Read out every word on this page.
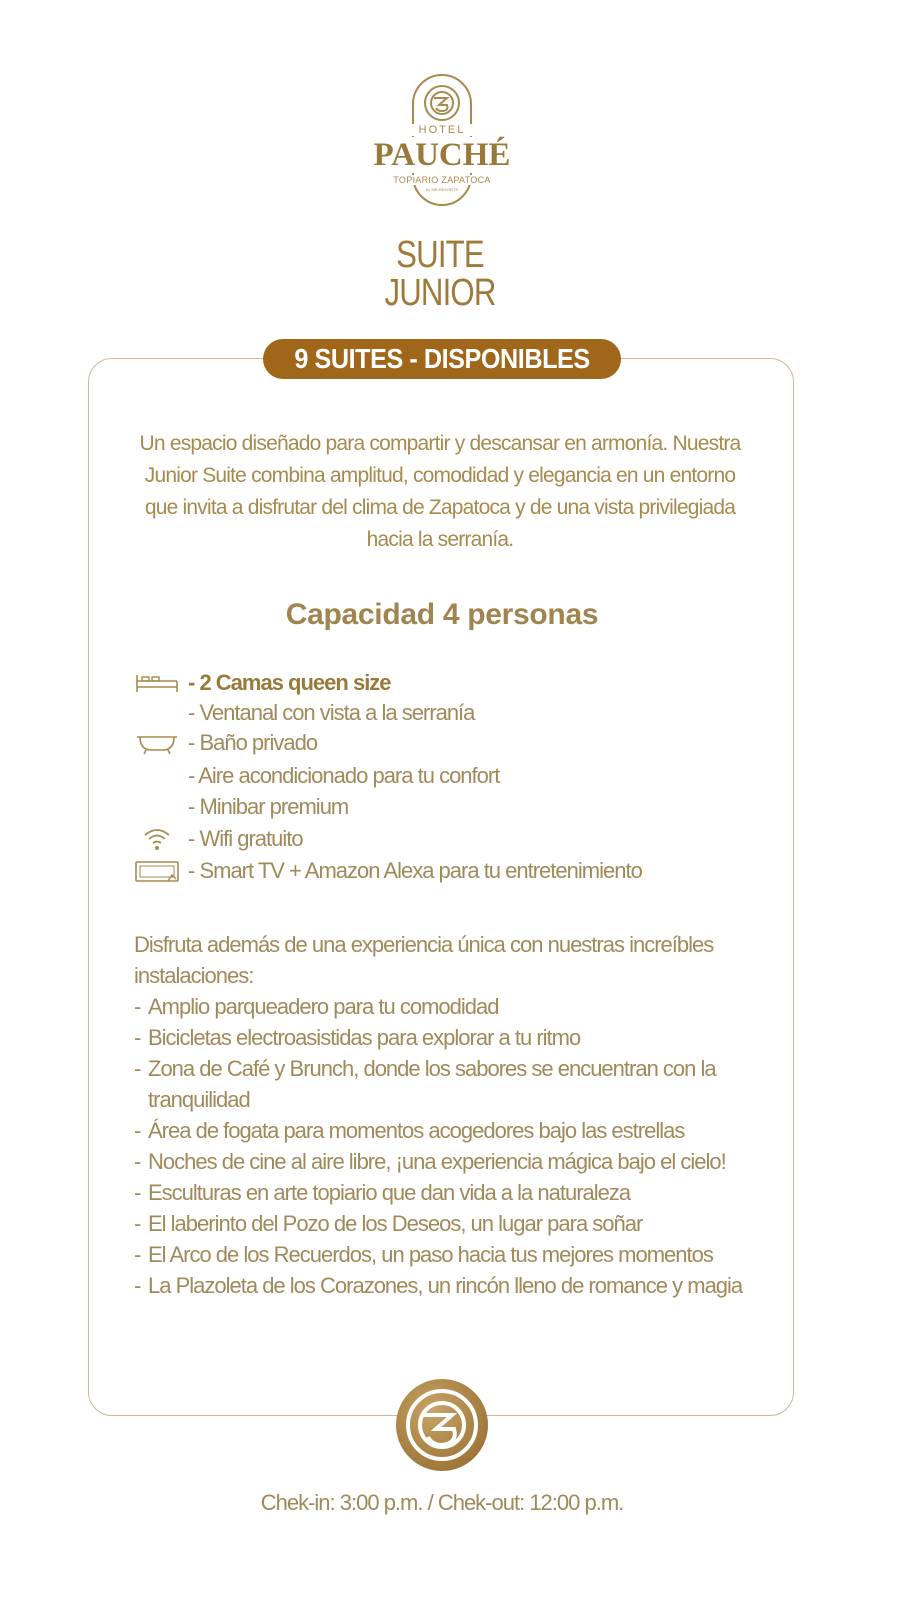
HOTEL
PAUCHÉ
TOPIARIO ZAPATOCA
by SIB RESORTS
SUITE
JUNIOR
9 SUITES - DISPONIBLES
Un espacio diseñado para compartir y descansar en armonía. Nuestra Junior Suite combina amplitud, comodidad y elegancia en un entorno que invita a disfrutar del clima de Zapatoca y de una vista privilegiada hacia la serranía.
Capacidad 4 personas
- 2 Camas queen size
- Ventanal con vista a la serranía
- Baño privado
- Aire acondicionado para tu confort
- Minibar premium
- Wifi gratuito
- Smart TV + Amazon Alexa para tu entretenimiento

Disfruta además de una experiencia única con nuestras increíbles instalaciones:

- Amplio parqueadero para tu comodidad
- Bicicletas electroasistidas para explorar a tu ritmo
- Zona de Café y Brunch, donde los sabores se encuentran con la tranquilidad
- Área de fogata para momentos acogedores bajo las estrellas
- Noches de cine al aire libre, ¡una experiencia mágica bajo el cielo!
- Esculturas en arte topiario que dan vida a la naturaleza
- El laberinto del Pozo de los Deseos, un lugar para soñar
- El Arco de los Recuerdos, un paso hacia tus mejores momentos
- La Plazoleta de los Corazones, un rincón lleno de romance y magia
Chek-in: 3:00 p.m. / Chek-out: 12:00 p.m.
